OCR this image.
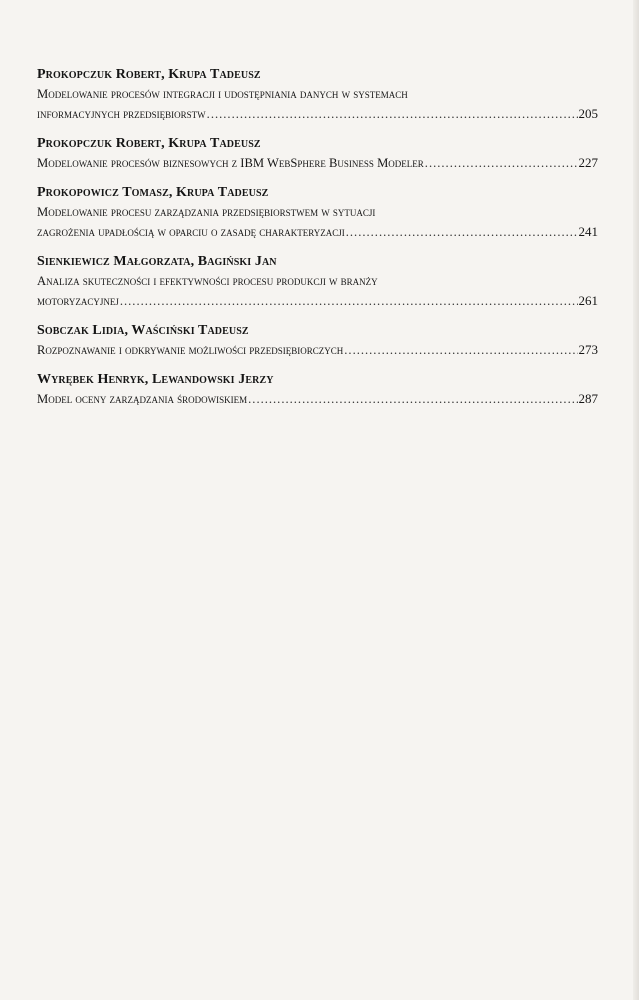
Prokopczuk Robert, Krupa Tadeusz
Modelowanie procesów integracji i udostępniania danych w systemach
informacyjnych przedsiębiorstw .....	205
Prokopczuk Robert, Krupa Tadeusz
Modelowanie procesów biznesowych z IBM WebSphere Business Modeler .....	227
Prokopowicz Tomasz, Krupa Tadeusz
Modelowanie procesu zarządzania przedsiębiorstwem w sytuacji
zagrożenia upadłością w oparciu o zasadę charakteryzacji .....	241
Sienkiewicz Małgorzata, Bagiński Jan
Analiza skuteczności i efektywności procesu produkcji w branży
motoryzacyjnej .....	261
Sobczak Lidia, Waściński Tadeusz
Rozpoznawanie i odkrywanie możliwości przedsiębiorczych .....	273
Wyrębek Henryk, Lewandowski Jerzy
Model oceny zarządzania środowiskiem .....	287
